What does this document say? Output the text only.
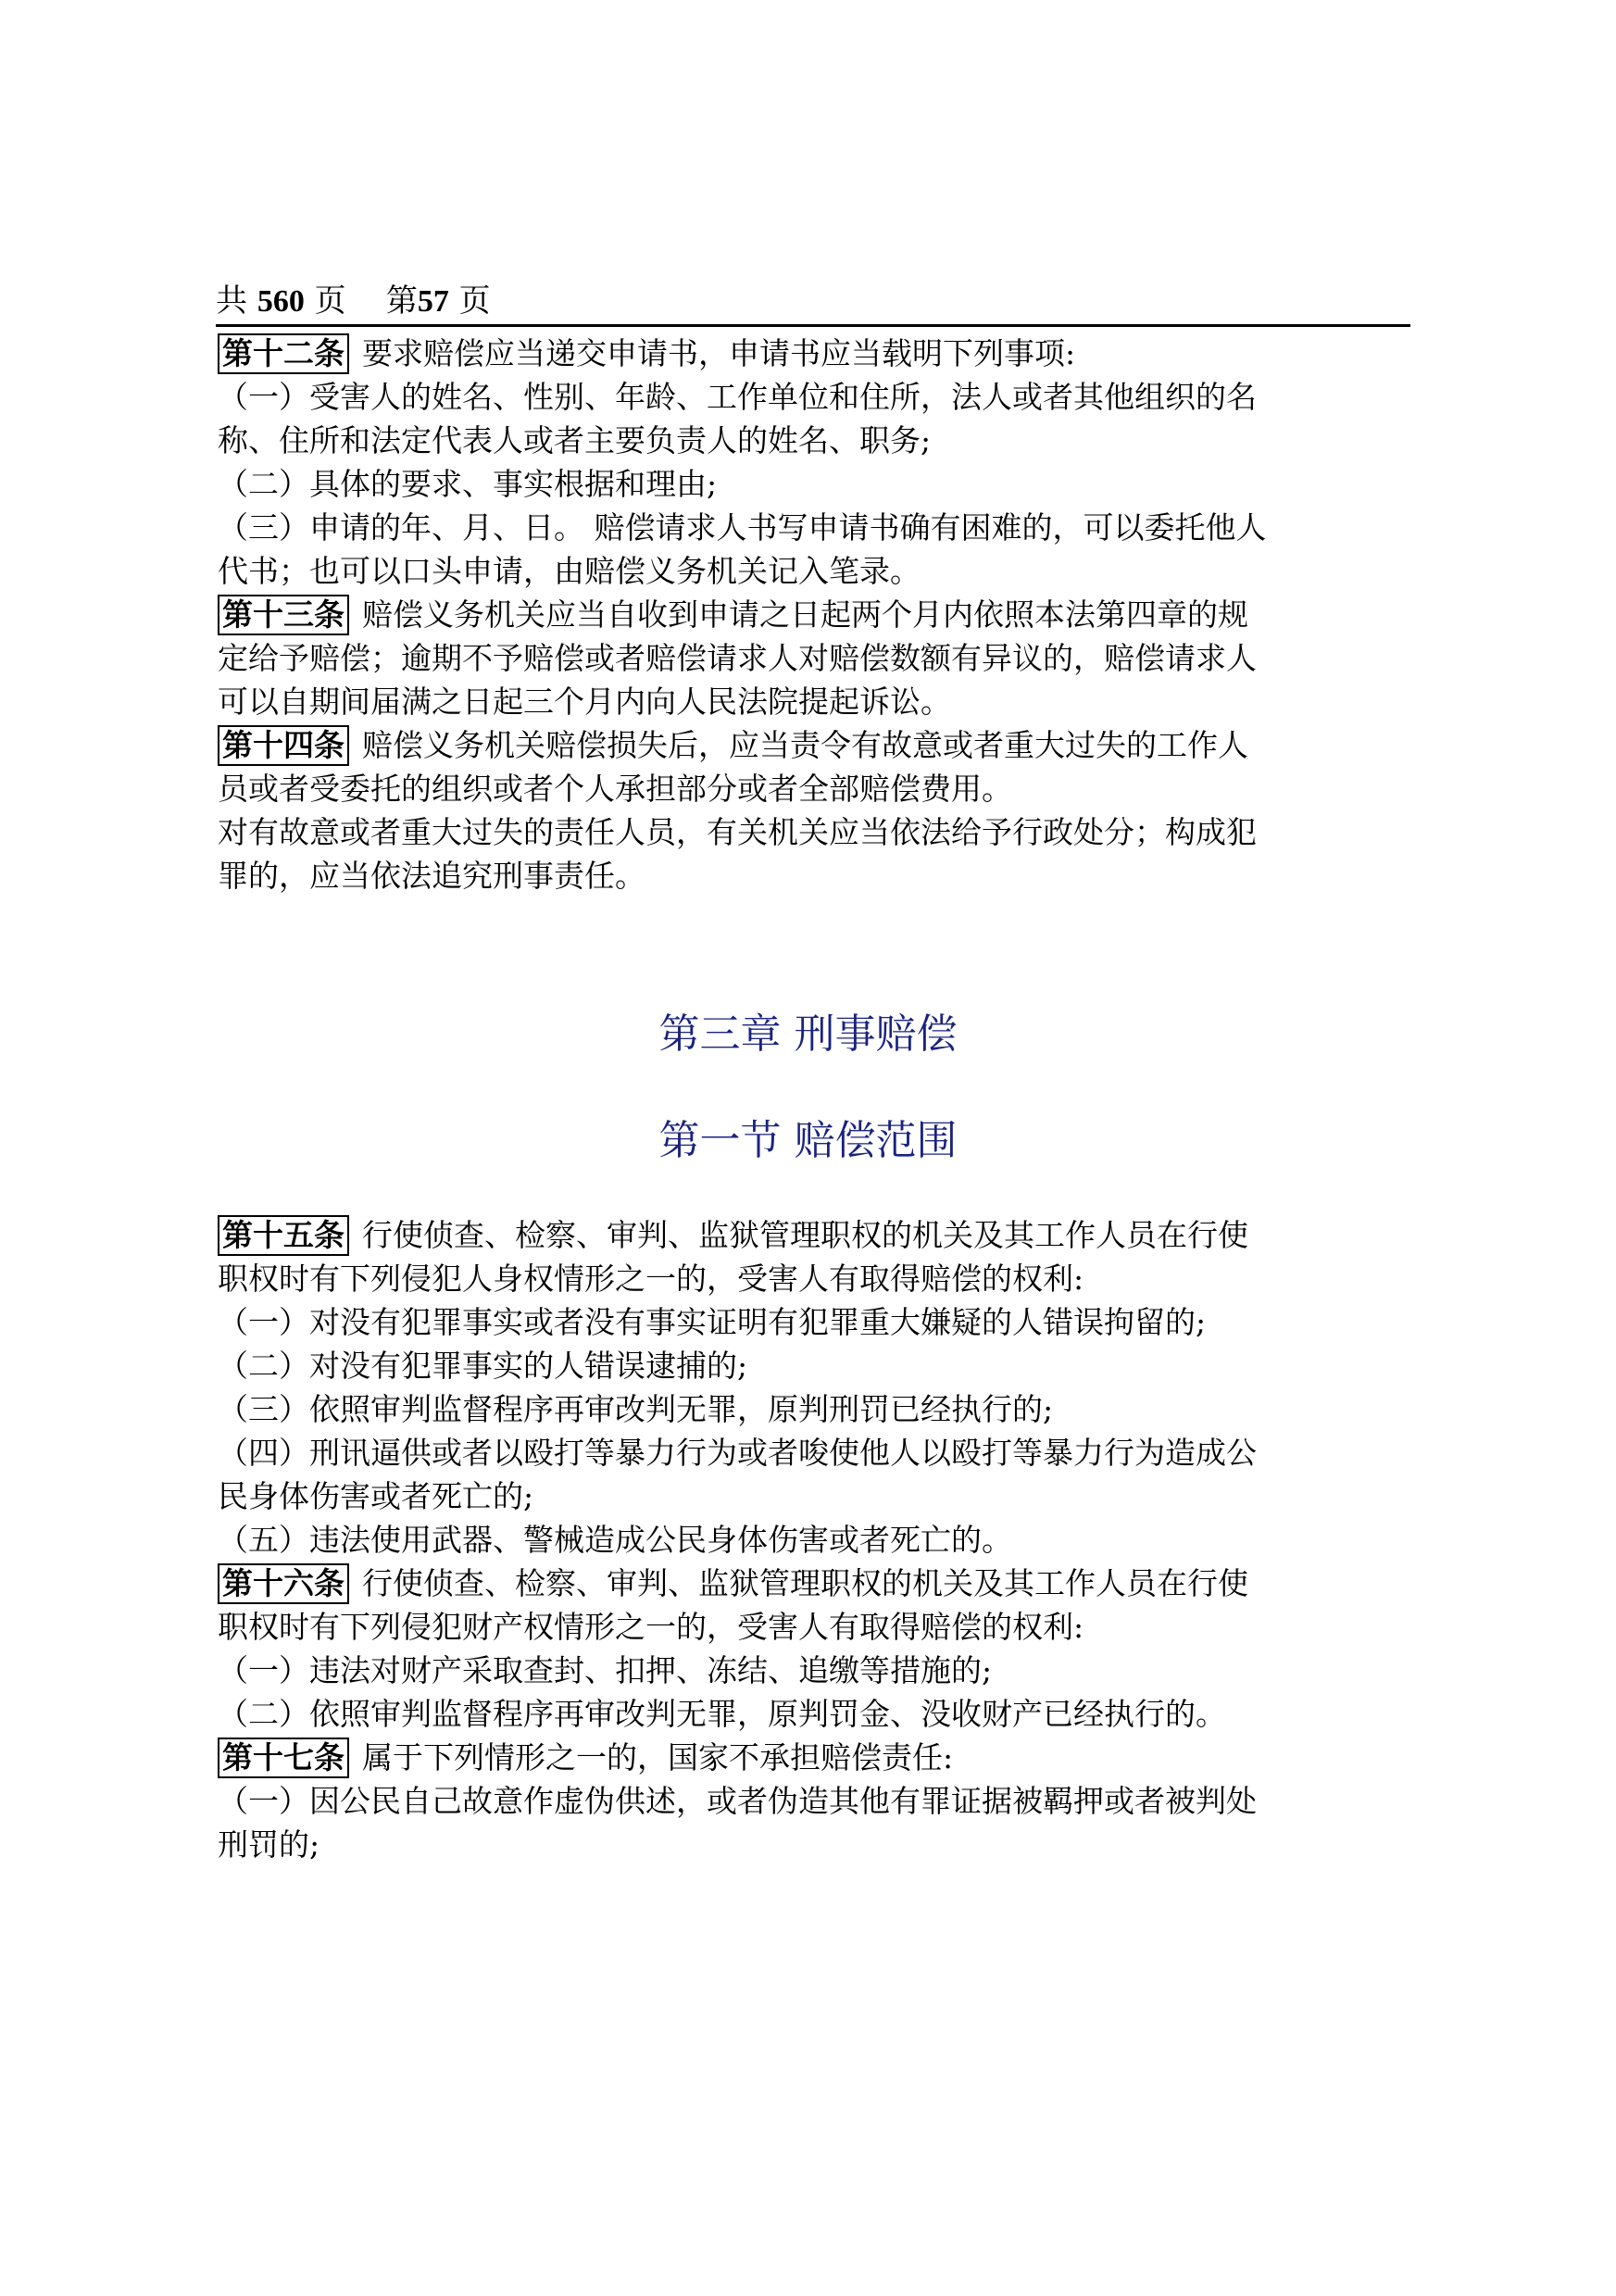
共 560 页 第57 页
第十二条 要求赔偿应当递交申请书，申请书应当载明下列事项:
（一）受害人的姓名、性别、年龄、工作单位和住所，法人或者其他组织的名
称、住所和法定代表人或者主要负责人的姓名、职务;
（二）具体的要求、事实根据和理由;
（三）申请的年、月、日。 赔偿请求人书写申请书确有困难的，可以委托他人
代书；也可以口头申请，由赔偿义务机关记入笔录。
第十三条 赔偿义务机关应当自收到申请之日起两个月内依照本法第四章的规
定给予赔偿；逾期不予赔偿或者赔偿请求人对赔偿数额有异议的，赔偿请求人
可以自期间届满之日起三个月内向人民法院提起诉讼。
第十四条 赔偿义务机关赔偿损失后，应当责令有故意或者重大过失的工作人
员或者受委托的组织或者个人承担部分或者全部赔偿费用。
对有故意或者重大过失的责任人员，有关机关应当依法给予行政处分；构成犯
罪的，应当依法追究刑事责任。
第三章 刑事赔偿
第一节 赔偿范围
第十五条 行使侦查、检察、审判、监狱管理职权的机关及其工作人员在行使
职权时有下列侵犯人身权情形之一的，受害人有取得赔偿的权利:
（一）对没有犯罪事实或者没有事实证明有犯罪重大嫌疑的人错误拘留的;
（二）对没有犯罪事实的人错误逮捕的;
（三）依照审判监督程序再审改判无罪，原判刑罚已经执行的;
（四）刑讯逼供或者以殴打等暴力行为或者唆使他人以殴打等暴力行为造成公
民身体伤害或者死亡的;
（五）违法使用武器、警械造成公民身体伤害或者死亡的。
第十六条 行使侦查、检察、审判、监狱管理职权的机关及其工作人员在行使
职权时有下列侵犯财产权情形之一的，受害人有取得赔偿的权利:
（一）违法对财产采取查封、扣押、冻结、追缴等措施的;
（二）依照审判监督程序再审改判无罪，原判罚金、没收财产已经执行的。
第十七条 属于下列情形之一的，国家不承担赔偿责任:
（一）因公民自己故意作虚伪供述，或者伪造其他有罪证据被羁押或者被判处
刑罚的;
